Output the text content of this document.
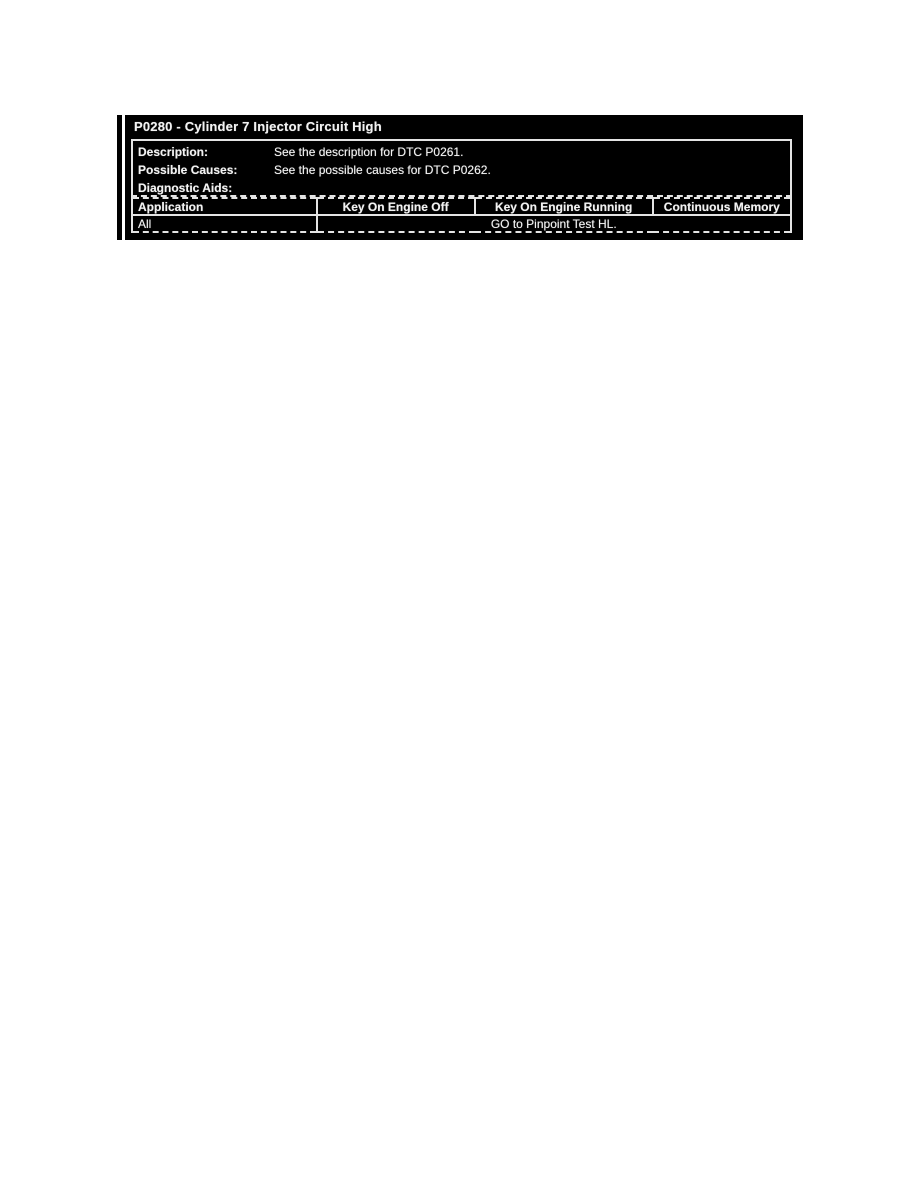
P0280 - Cylinder 7 Injector Circuit High
Description:	See the description for DTC P0261.
Possible Causes:	See the possible causes for DTC P0262.
Diagnostic Aids:
Application	Key On Engine Off	Key On Engine Running	Continuous Memory
All	GO to Pinpoint Test HL.		
